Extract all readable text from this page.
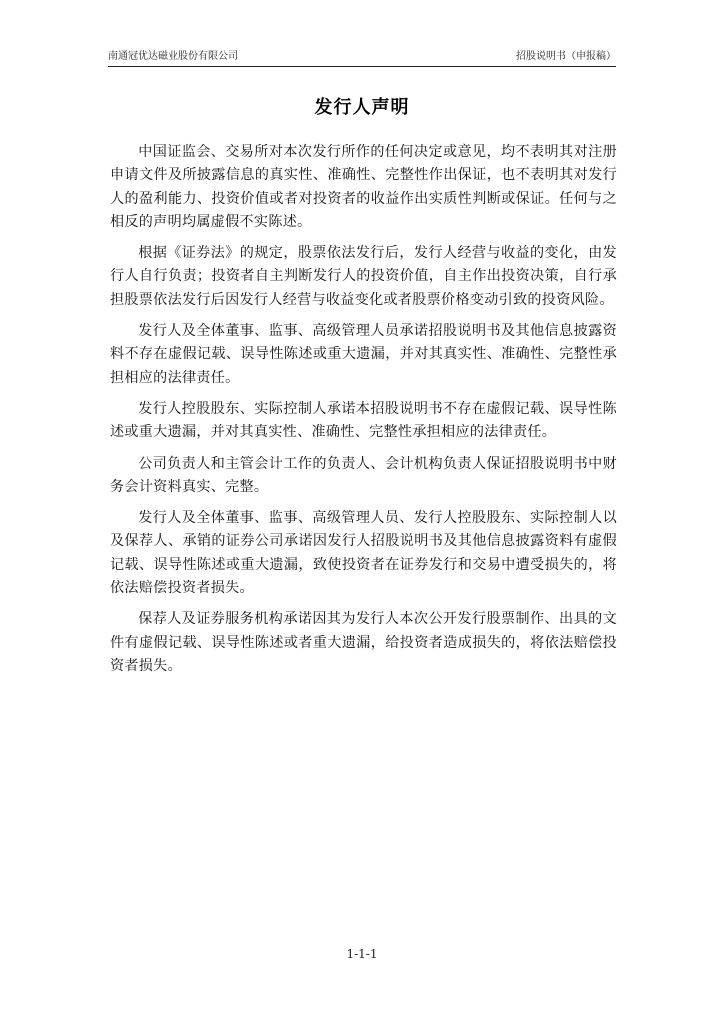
南通冠优达磁业股份有限公司	招股说明书（申报稿）
发行人声明

中国证监会、交易所对本次发行所作的任何决定或意见，均不表明其对注册申请文件及所披露信息的真实性、准确性、完整性作出保证，也不表明其对发行人的盈利能力、投资价值或者对投资者的收益作出实质性判断或保证。任何与之相反的声明均属虚假不实陈述。

根据《证券法》的规定，股票依法发行后，发行人经营与收益的变化，由发行人自行负责；投资者自主判断发行人的投资价值，自主作出投资决策，自行承担股票依法发行后因发行人经营与收益变化或者股票价格变动引致的投资风险。

发行人及全体董事、监事、高级管理人员承诺招股说明书及其他信息披露资料不存在虚假记载、误导性陈述或重大遗漏，并对其真实性、准确性、完整性承担相应的法律责任。

发行人控股股东、实际控制人承诺本招股说明书不存在虚假记载、误导性陈述或重大遗漏，并对其真实性、准确性、完整性承担相应的法律责任。

公司负责人和主管会计工作的负责人、会计机构负责人保证招股说明书中财务会计资料真实、完整。

发行人及全体董事、监事、高级管理人员、发行人控股股东、实际控制人以及保荐人、承销的证券公司承诺因发行人招股说明书及其他信息披露资料有虚假记载、误导性陈述或重大遗漏，致使投资者在证券发行和交易中遭受损失的，将依法赔偿投资者损失。

保荐人及证券服务机构承诺因其为发行人本次公开发行股票制作、出具的文件有虚假记载、误导性陈述或者重大遗漏，给投资者造成损失的，将依法赔偿投资者损失。

1-1-1
